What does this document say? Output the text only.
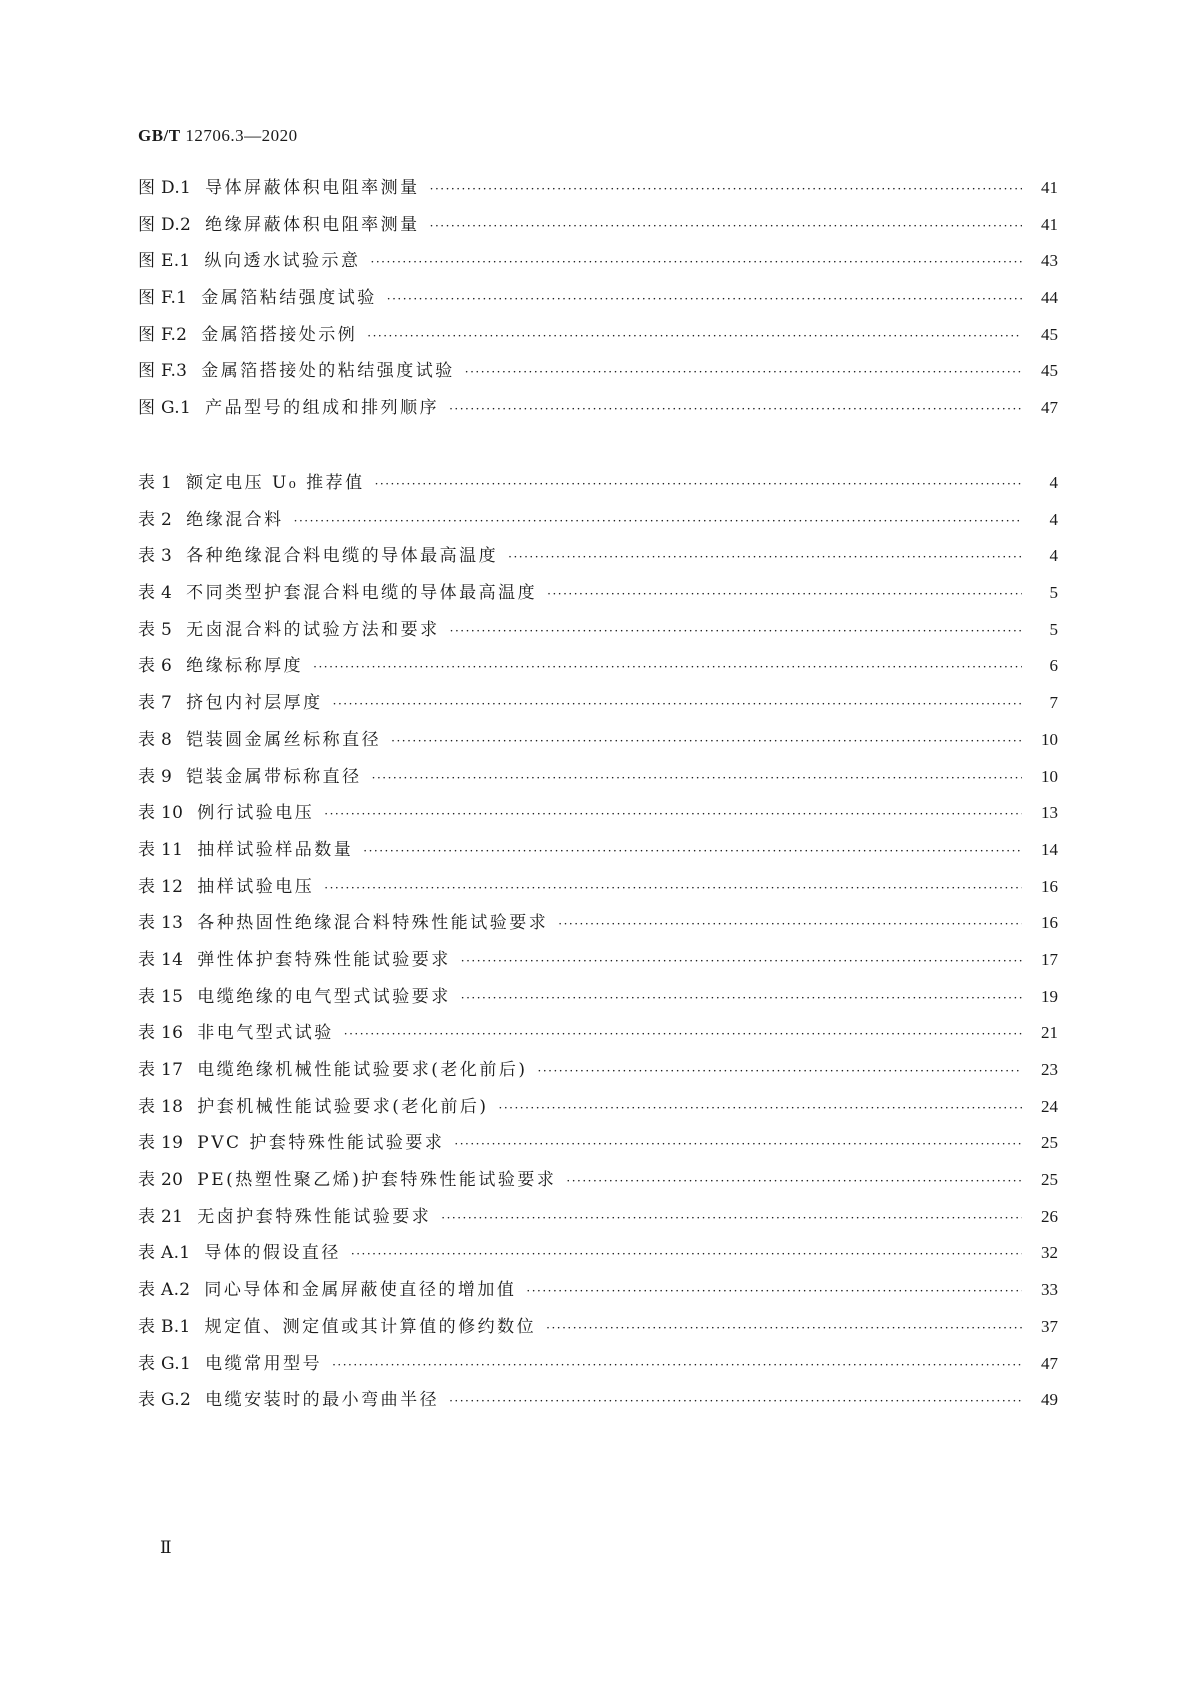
GB/T 12706.3—2020
图 D.1 导体屏蔽体积电阻率测量 ·····	41
图 D.2 绝缘屏蔽体积电阻率测量 ·····	41
图 E.1 纵向透水试验示意 ·····	43
图 F.1 金属箔粘结强度试验 ·····	44
图 F.2 金属箔搭接处示例 ·····	45
图 F.3 金属箔搭接处的粘结强度试验 ·····	45
图 G.1 产品型号的组成和排列顺序 ·····	47
表 1 额定电压 U₀ 推荐值 ·····	4
表 2 绝缘混合料 ·····	4
表 3 各种绝缘混合料电缆的导体最高温度 ·····	4
表 4 不同类型护套混合料电缆的导体最高温度 ·····	5
表 5 无卤混合料的试验方法和要求 ·····	5
表 6 绝缘标称厚度 ·····	6
表 7 挤包内衬层厚度 ·····	7
表 8 铠装圆金属丝标称直径 ·····	10
表 9 铠装金属带标称直径 ·····	10
表 10 例行试验电压 ·····	13
表 11 抽样试验样品数量 ·····	14
表 12 抽样试验电压 ·····	16
表 13 各种热固性绝缘混合料特殊性能试验要求 ·····	16
表 14 弹性体护套特殊性能试验要求 ·····	17
表 15 电缆绝缘的电气型式试验要求 ·····	19
表 16 非电气型式试验 ·····	21
表 17 电缆绝缘机械性能试验要求(老化前后) ·····	23
表 18 护套机械性能试验要求(老化前后) ·····	24
表 19 PVC 护套特殊性能试验要求 ·····	25
表 20 PE(热塑性聚乙烯)护套特殊性能试验要求 ·····	25
表 21 无卤护套特殊性能试验要求 ·····	26
表 A.1 导体的假设直径 ·····	32
表 A.2 同心导体和金属屏蔽使直径的增加值 ·····	33
表 B.1 规定值、测定值或其计算值的修约数位 ·····	37
表 G.1 电缆常用型号 ·····	47
表 G.2 电缆安装时的最小弯曲半径 ·····	49
Ⅱ
